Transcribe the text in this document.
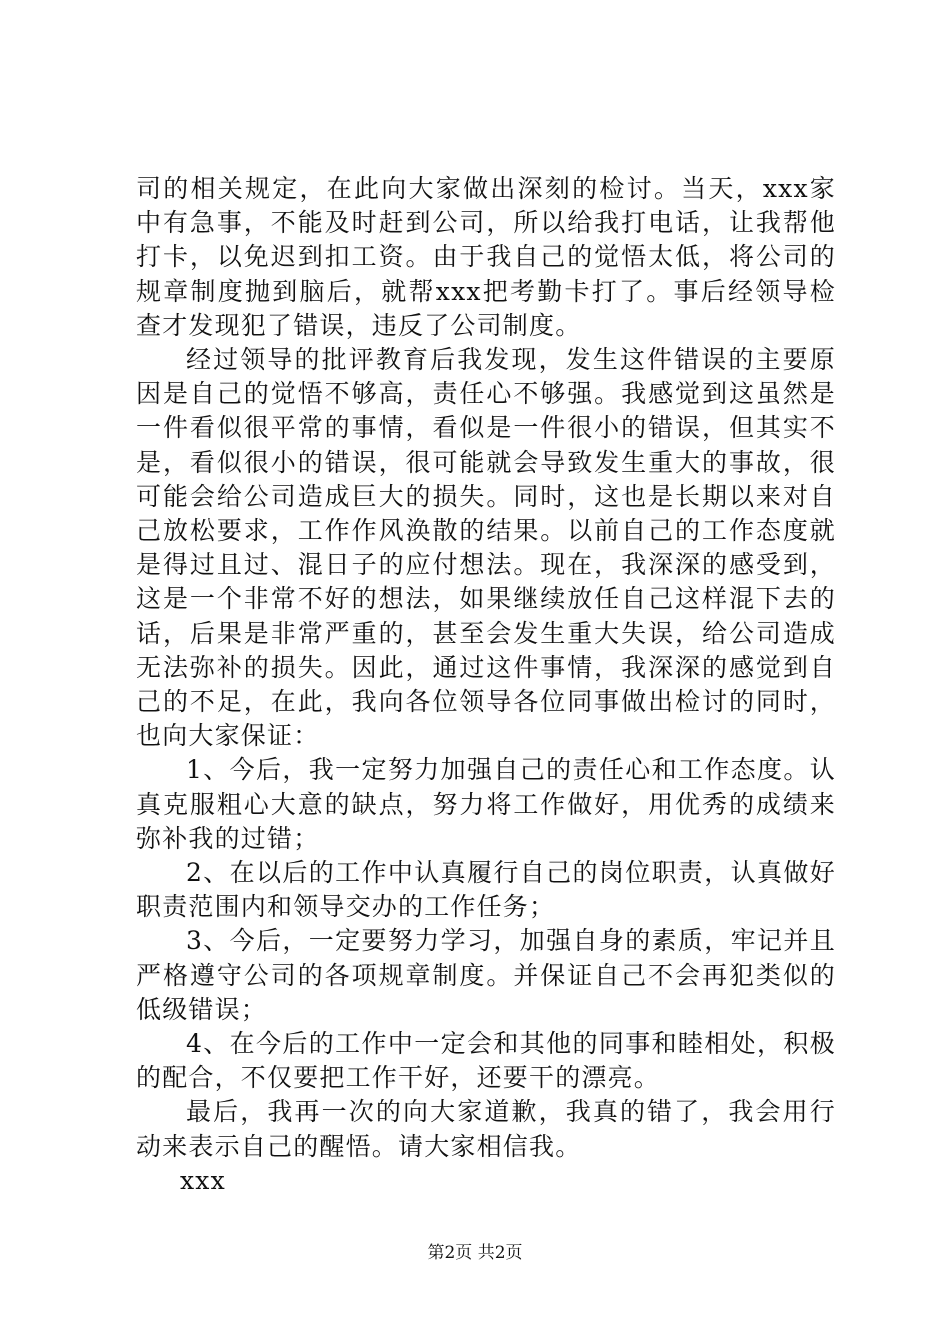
司的相关规定，在此向大家做出深刻的检讨。当天，xxx家中有急事，不能及时赶到公司，所以给我打电话，让我帮他打卡，以免迟到扣工资。由于我自己的觉悟太低，将公司的规章制度抛到脑后，就帮xxx把考勤卡打了。事后经领导检查才发现犯了错误，违反了公司制度。

经过领导的批评教育后我发现，发生这件错误的主要原因是自己的觉悟不够高，责任心不够强。我感觉到这虽然是一件看似很平常的事情，看似是一件很小的错误，但其实不是，看似很小的错误，很可能就会导致发生重大的事故，很可能会给公司造成巨大的损失。同时，这也是长期以来对自己放松要求，工作作风涣散的结果。以前自己的工作态度就是得过且过、混日子的应付想法。现在，我深深的感受到，这是一个非常不好的想法，如果继续放任自己这样混下去的话，后果是非常严重的，甚至会发生重大失误，给公司造成无法弥补的损失。因此，通过这件事情，我深深的感觉到自己的不足，在此，我向各位领导各位同事做出检讨的同时，也向大家保证：

1、今后，我一定努力加强自己的责任心和工作态度。认真克服粗心大意的缺点，努力将工作做好，用优秀的成绩来弥补我的过错；

2、在以后的工作中认真履行自己的岗位职责，认真做好职责范围内和领导交办的工作任务；

3、今后，一定要努力学习，加强自身的素质，牢记并且严格遵守公司的各项规章制度。并保证自己不会再犯类似的低级错误；

4、在今后的工作中一定会和其他的同事和睦相处，积极的配合，不仅要把工作干好，还要干的漂亮。

最后，我再一次的向大家道歉，我真的错了，我会用行动来表示自己的醒悟。请大家相信我。

xxx

第2页 共2页
